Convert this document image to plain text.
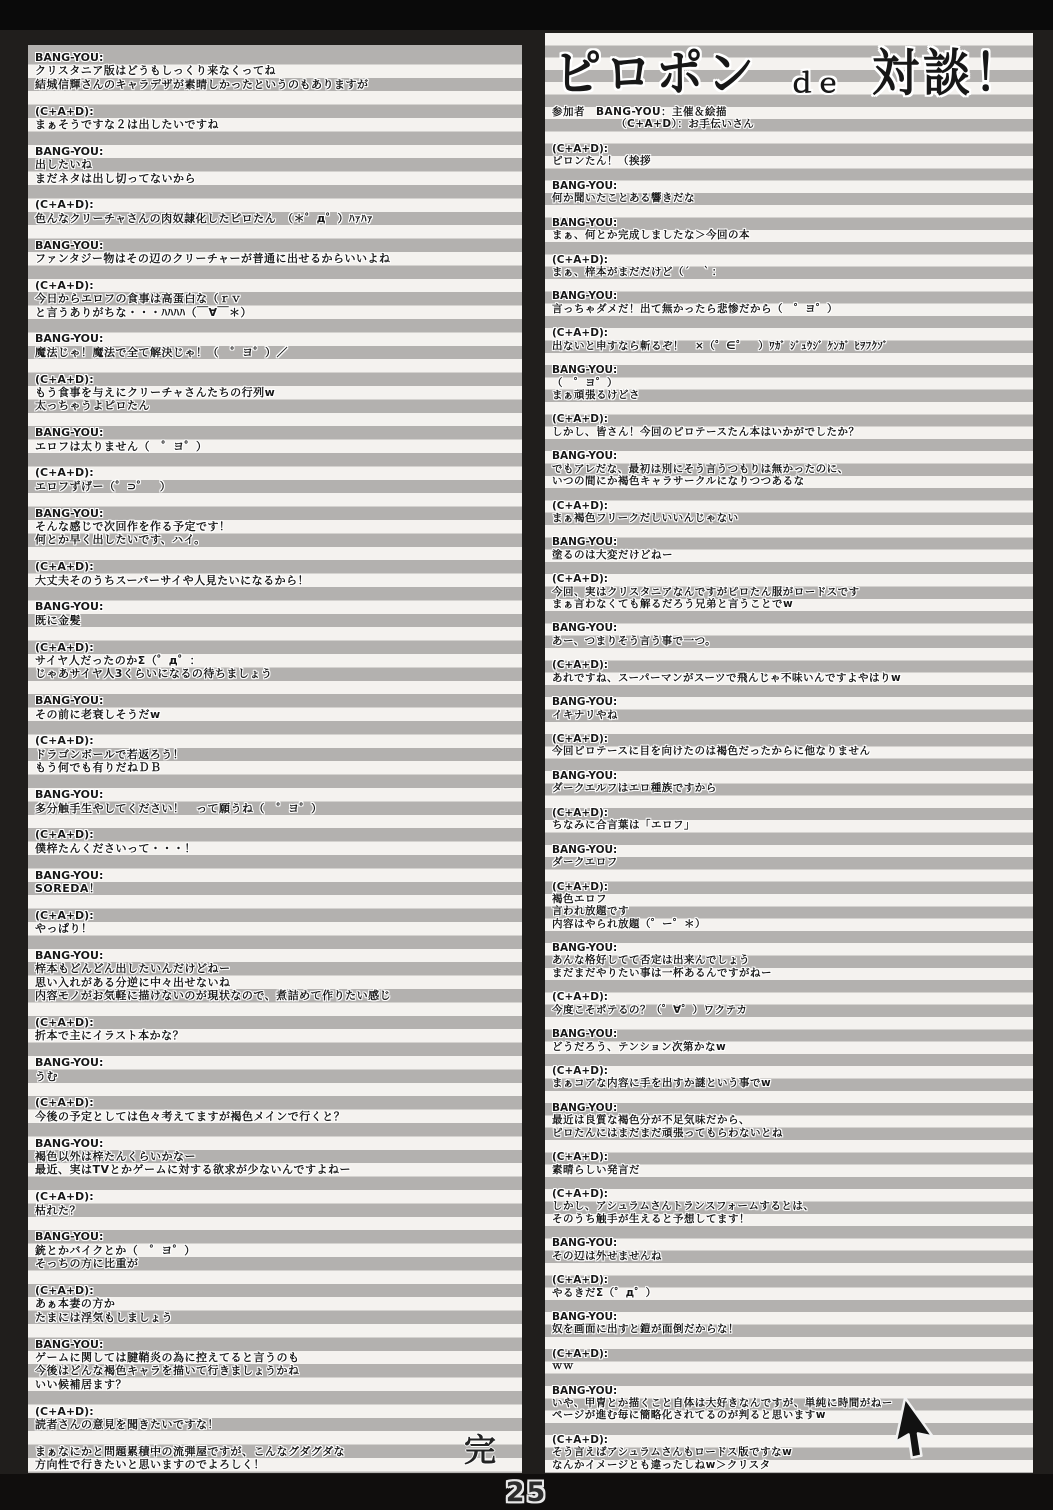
BANG-YOU:
クリスタニア版はどうもしっくり来なくってね
結城信輝さんのキャラデザが素晴しかったというのもありますが
(C+A+D):
まぁそうですな２は出したいですね
BANG-YOU:
出したいね
まだネタは出し切ってないから
(C+A+D):
色んなクリーチャさんの肉奴隷化したピロたん　（＊゜д゜）ﾊｧﾊｧ
BANG-YOU:
ファンタジー物はその辺のクリーチャーが普通に出せるからいいよね
(C+A+D):
今日からエロフの食事は高蛋白な（ｒｖ
と言うありがちな・・・ﾊﾊﾊﾊ（￣∀￣＊）
BANG-YOU:
魔法じゃ！魔法で全て解決じゃ！（　゜ヨ゜）／
(C+A+D):
もう食事を与えにクリーチャさんたちの行列w
太っちゃうよピロたん
BANG-YOU:
エロフは太りません（　゜ヨ゜）
(C+A+D):
エロフずげー（゜⊃゜　）
BANG-YOU:
そんな感じで次回作を作る予定です！
何とか早く出したいです、ハイ。
(C+A+D):
大丈夫そのうちスーパーサイや人見たいになるから！
BANG-YOU:
既に金髪
(C+A+D):
サイヤ人だったのかΣ（゜д゜：
じゃあサイヤ人3くらいになるの待ちましょう
BANG-YOU:
その前に老衰しそうだw
(C+A+D):
ドラゴンボールで若返ろう！
もう何でも有りだねＤＢ
BANG-YOU:
多分触手生やしてください！　って願うね（　゜ヨ゜）
(C+A+D):
僕梓たんくださいって・・・！
BANG-YOU:
SOREDA！
(C+A+D):
やっぱり！
BANG-YOU:
梓本もどんどん出したいんだけどねー
思い入れがある分逆に中々出せないね
内容モノがお気軽に描けないのが現状なので、煮詰めて作りたい感じ
(C+A+D):
折本で主にイラスト本かな？
BANG-YOU:
うむ
(C+A+D):
今後の予定としては色々考えてますが褐色メインで行くと？
BANG-YOU:
褐色以外は梓たんくらいかなー
最近、実はTVとかゲームに対する欲求が少ないんですよねー
(C+A+D):
枯れた？
BANG-YOU:
銃とかバイクとか（　゜ヨ゜）
そっちの方に比重が
(C+A+D):
あぁ本妻の方か
たまには浮気もしましょう
BANG-YOU:
ゲームに関しては腱鞘炎の為に控えてると言うのも
今後はどんな褐色キャラを描いて行きましょうかね
いい候補居ます？
(C+A+D):
読者さんの意見を聞きたいですな！
まぁなにかと問題累積中の流弾屋ですが、こんなグダグダな
方向性で行きたいと思いますのでよろしく！	完
ピロポン ｄｅ 対談！
参加者　BANG-YOU：主催＆絵描
（C+A+D）：お手伝いさん
(C+A+D):
ピロンたん！（挨拶
BANG-YOU:
何か聞いたことある響きだな
BANG-YOU:
まぁ、何とか完成しましたな＞今回の本
(C+A+D):
まぁ、梓本がまだだけど（´　｀：
BANG-YOU:
言っちゃダメだ！出て無かったら悲惨だから（　゜ヨ゜）
(C+A+D):
出ないと申すなら斬るぞ！　×（゜∈゜　）ﾜｶﾞ ｼﾞｭｳｼﾞ ｹﾝｶﾞ ﾋｦﾌｸｿﾞ
BANG-YOU:
（　゜ヨ゜）
まぁ頑張るけどさ
(C+A+D):
しかし、皆さん！今回のピロテースたん本はいかがでしたか？
BANG-YOU:
でもアレだな、最初は別にそう言うつもりは無かったのに、
いつの間にか褐色キャラサークルになりつつあるな
(C+A+D):
まぁ褐色フリークだしいいんじゃない
BANG-YOU:
塗るのは大変だけどねー
(C+A+D):
今回、実はクリスタニアなんですがピロたん服がロードスです
まぁ言わなくても解るだろう兄弟と言うことでw
BANG-YOU:
あー、つまりそう言う事で一つ。
(C+A+D):
あれですね、スーパーマンがスーツで飛んじゃ不味いんですよやはりw
BANG-YOU:
イキナリやね
(C+A+D):
今回ピロテースに目を向けたのは褐色だったからに他なりません
BANG-YOU:
ダークエルフはエロ種族ですから
(C+A+D):
ちなみに合言葉は「エロフ」
BANG-YOU:
ダークエロフ
(C+A+D):
褐色エロフ
言われ放題です
内容はやられ放題（゜ー゜＊）
BANG-YOU:
あんな格好してて否定は出来んでしょう
まだまだやりたい事は一杯あるんですがねー
(C+A+D):
今度こそポテるの？（゜∀゜）ワクテカ
BANG-YOU:
どうだろう、テンション次第かなw
(C+A+D):
まぁコアな内容に手を出すか謎という事でw
BANG-YOU:
最近は良質な褐色分が不足気味だから、
ピロたんにはまだまだ頑張ってもらわないとね
(C+A+D):
素晴らしい発言だ
(C+A+D):
しかし、アシュラムさんトランスフォームするとは、
そのうち触手が生えると予想してます！
BANG-YOU:
その辺は外せませんね
(C+A+D):
やるきだΣ（゜д゜）
BANG-YOU:
奴を画面に出すと鎧が面倒だからな！
(C+A+D):
ｗｗ
BANG-YOU:
いや、甲冑とか描くこと自体は大好きなんですが、単純に時間がねー
ページが進む毎に簡略化されてるのが判ると思いますw
(C+A+D):
そう言えばアシュラムさんもロードス版ですなw
なんかイメージとも違ったしねw＞クリスタ
25
